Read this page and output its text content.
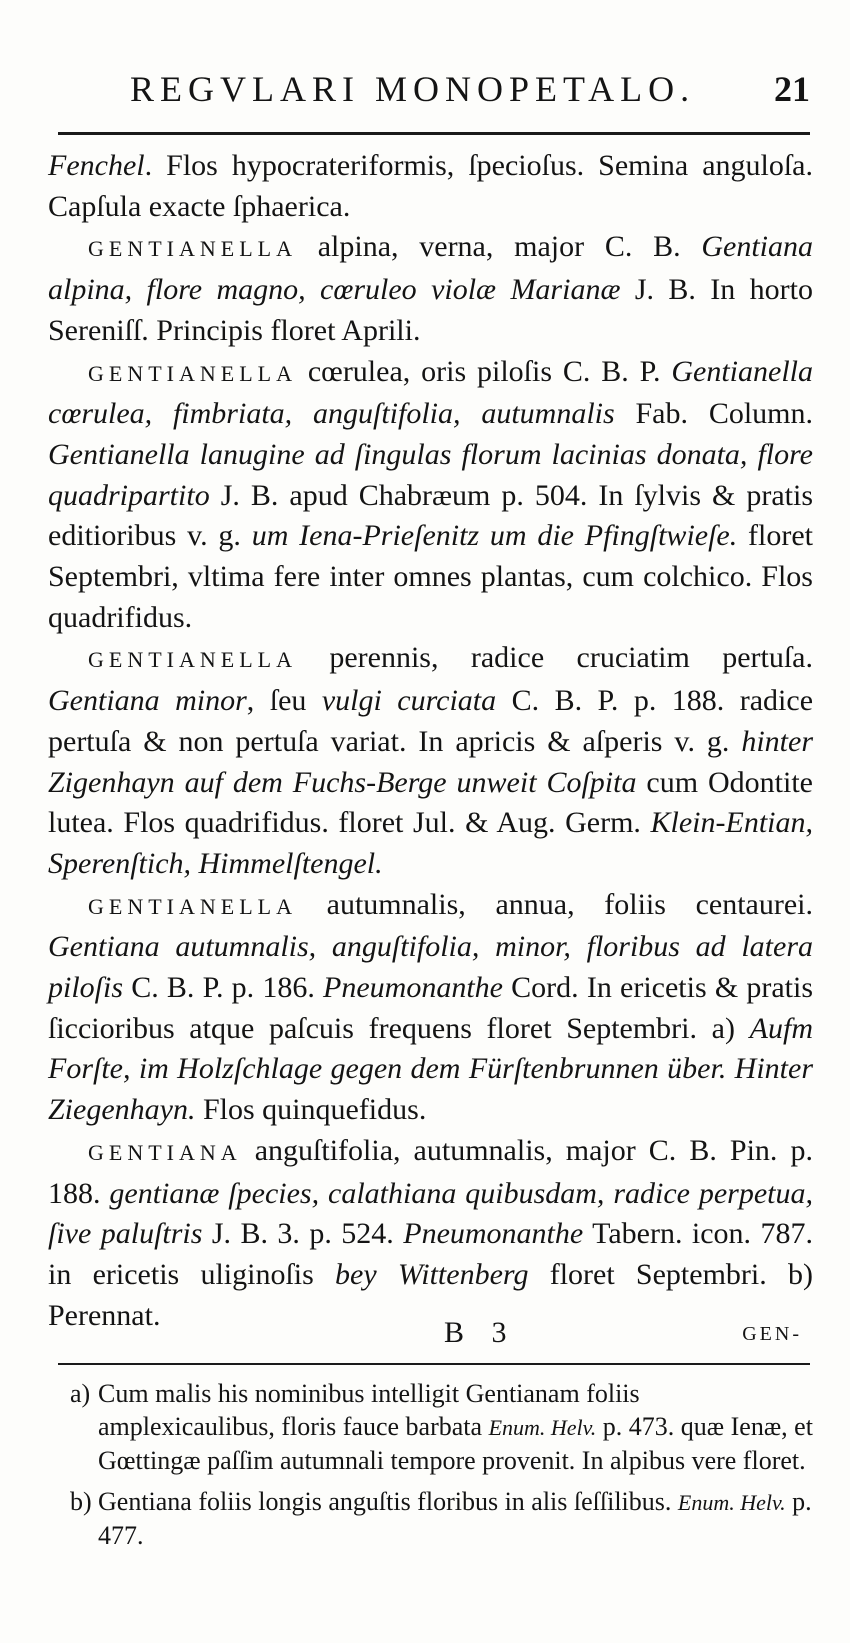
REGVLARI MONOPETALO. 21

Fenchel. Flos hypocrateriformis, ſpecioſus. Semina angulоſa. Capſula exacte ſphaerica.

GENTIANELLA alpina, verna, major C. B. Gentiana alpina, flore magno, cœruleo violæ Marianæ J. B. In horto Sereniſſ. Principis floret Aprili.

GENTIANELLA cœrulea, oris piloſis C. B. P. Gentianella cœrulea, fimbriata, anguſtifolia, autumnalis Fab. Column. Gentianella lanugine ad ſingulas florum lacinias donata, flore quadripartito J. B. apud Chabræum p. 504. In ſylvis & pratis editioribus v. g. um Iena-Prieſenitz um die Pfingſtwieſe. floret Septembri, vltima fere inter omnes plantas, cum colchico. Flos quadrifidus.

GENTIANELLA perennis, radice cruciatim pertuſa. Gentiana minor, ſeu vulgi curciata C. B. P. p. 188. radice pertuſa & non pertuſa variat. In apricis & aſperis v. g. hinter Zigenhayn auf dem Fuchs-Berge unweit Coſpita cum Odontite lutea. Flos quadrifidus. floret Jul. & Aug. Germ. Klein-Entian, Sperenſtich, Himmelſtengel.

GENTIANELLA autumnalis, annua, foliis centaurei. Gentiana autumnalis, anguſtifolia, minor, floribus ad latera piloſis C. B. P. p. 186. Pneumonanthe Cord. In ericetis & pratis ſiccioribus atque paſcuis frequens floret Septembri. a) Aufm Forſte, im Holzſchlage gegen dem Fürſtenbrunnen über. Hinter Ziegenhayn. Flos quinquefidus.

GENTIANA anguſtifolia, autumnalis, major C. B. Pin. p. 188. gentianæ ſpecies, calathiana quibusdam, radice perpetua, ſive paluſtris J. B. 3. p. 524. Pneumonanthe Tabern. icon. 787. in ericetis uliginoſis bey Wittenberg floret Septembri. b) Perennat.

B 3	GEN-
a) Cum malis his nominibus intelligit Gentianam foliis amplexicaulibus, floris fauce barbata Enum. Helv. p. 473. quæ Ienæ, et Gœttingæ paſſim autumnali tempore provenit. In alpibus vere floret.
b) Gentiana foliis longis anguſtis floribus in alis ſeſſilibus. Enum. Helv. p. 477.
